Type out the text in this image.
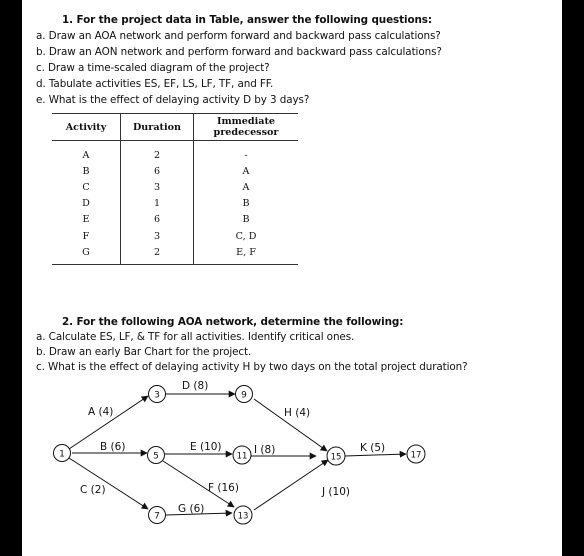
1. For the project data in Table, answer the following questions:
a. Draw an AOA network and perform forward and backward pass calculations?
b. Draw an AON network and perform forward and backward pass calculations?
c. Draw a time-scaled diagram of the project?
d. Tabulate activities ES, EF, LS, LF, TF, and FF.
e. What is the effect of delaying activity D by 3 days?
Activity	Duration	Immediate predecessor
A	2	-
B	6	A
C	3	A
D	1	B
E	6	B
F	3	C, D
G	2	E, F
2. For the following AOA network, determine the following:
a. Calculate ES, LF, & TF for all activities. Identify critical ones.
b. Draw an early Bar Chart for the project.
c. What is the effect of delaying activity H by two days on the total project duration?
A (4)
B (6)
C (2)
D (8)
E (10)
F (16)
G (6)
H (4)
I (8)
J (10)
K (5)
1
3
5
7
9
11
13
15	17
